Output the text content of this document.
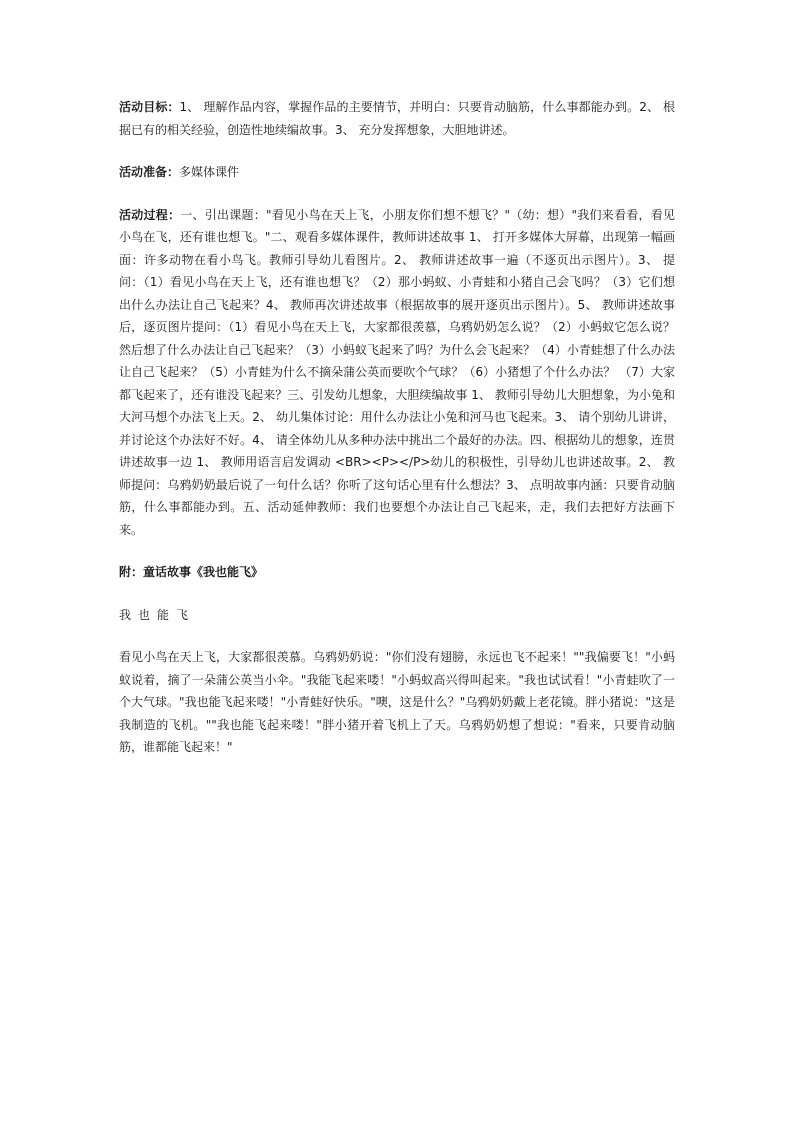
活动目标：1、 理解作品内容，掌握作品的主要情节，并明白：只要肯动脑筋，什么事都能办到。2、 根据已有的相关经验，创造性地续编故事。3、 充分发挥想象，大胆地讲述。

活动准备：多媒体课件

活动过程：一、引出课题："看见小鸟在天上飞，小朋友你们想不想飞？"（幼：想）"我们来看看，看见小鸟在飞，还有谁也想飞。"二、观看多媒体课件，教师讲述故事 1、 打开多媒体大屏幕，出现第一幅画面：许多动物在看小鸟飞。教师引导幼儿看图片。2、 教师讲述故事一遍（不逐页出示图片）。3、 提问：（1）看见小鸟在天上飞，还有谁也想飞？（2）那小蚂蚁、小青蛙和小猪自己会飞吗？（3）它们想出什么办法让自己飞起来？4、 教师再次讲述故事（根据故事的展开逐页出示图片）。5、 教师讲述故事后，逐页图片提问：（1）看见小鸟在天上飞，大家都很羡慕，乌鸦奶奶怎么说？（2）小蚂蚁它怎么说？然后想了什么办法让自己飞起来？（3）小蚂蚁飞起来了吗？为什么会飞起来？（4）小青蛙想了什么办法让自己飞起来？（5）小青蛙为什么不摘朵蒲公英而要吹个气球？（6）小猪想了个什么办法？ （7）大家都飞起来了，还有谁没飞起来？三、引发幼儿想象，大胆续编故事 1、 教师引导幼儿大胆想象，为小兔和大河马想个办法飞上天。2、 幼儿集体讨论：用什么办法让小兔和河马也飞起来。3、 请个别幼儿讲讲，并讨论这个办法好不好。4、 请全体幼儿从多种办法中挑出二个最好的办法。四、根据幼儿的想象，连贯讲述故事一边 1、 教师用语言启发调动 <BR><P></P>幼儿的积极性，引导幼儿也讲述故事。2、 教师提问：乌鸦奶奶最后说了一句什么话？你听了这句话心里有什么想法？3、 点明故事内涵：只要肯动脑筋，什么事都能办到。五、活动延伸教师：我们也要想个办法让自己飞起来，走，我们去把好方法画下来。

附：童话故事《我也能飞》

我也能飞

看见小鸟在天上飞，大家都很羡慕。乌鸦奶奶说："你们没有翅膀，永远也飞不起来！""我偏要飞！"小蚂蚁说着，摘了一朵蒲公英当小伞。"我能飞起来喽！"小蚂蚁高兴得叫起来。"我也试试看！"小青蛙吹了一个大气球。"我也能飞起来喽！"小青蛙好快乐。"噢，这是什么？"乌鸦奶奶戴上老花镜。胖小猪说："这是我制造的飞机。""我也能飞起来喽！"胖小猪开着飞机上了天。乌鸦奶奶想了想说："看来，只要肯动脑筋，谁都能飞起来！"
